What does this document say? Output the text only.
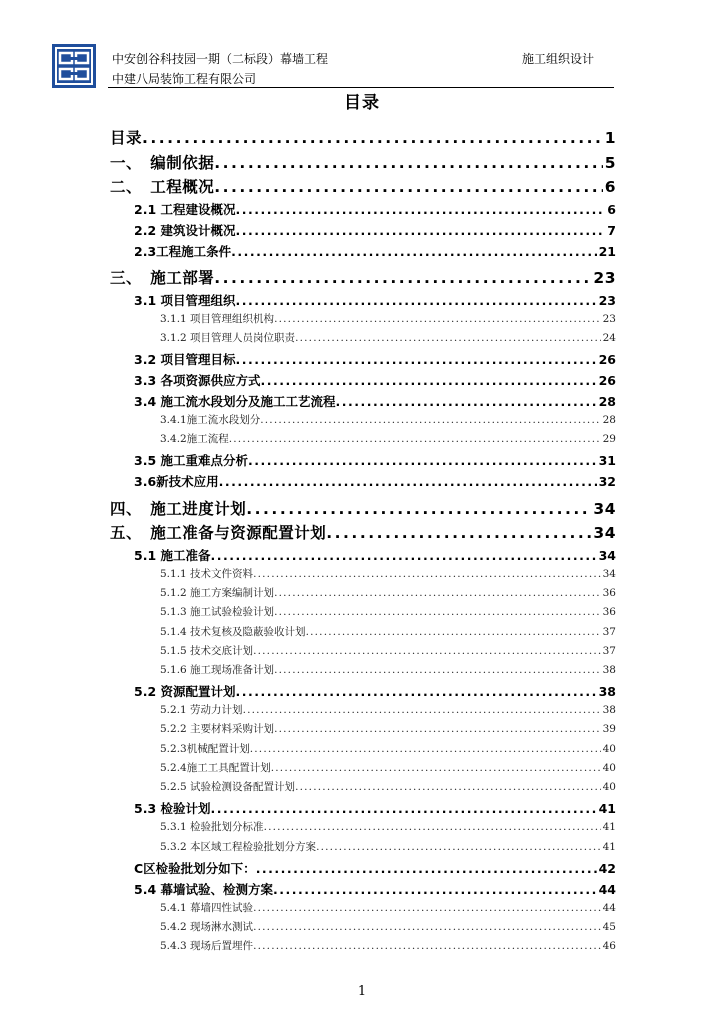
中安创谷科技园一期（二标段）幕墙工程
中建八局装饰工程有限公司
施工组织设计
目录
目录 .....	1
一、　编制依据 .....	5
二、　工程概况 .....	6
2.1 工程建设概况 .....	6
2.2 建筑设计概况 .....	7
2.3工程施工条件 .....	21
三、　施工部署 .....	23
3.1 项目管理组织 .....	23
3.1.1 项目管理组织机构 .....	23
3.1.2 项目管理人员岗位职责 .....	24
3.2 项目管理目标 .....	26
3.3 各项资源供应方式 .....	26
3.4 施工流水段划分及施工工艺流程 .....	28
3.4.1施工流水段划分 .....	28
3.4.2施工流程 .....	29
3.5 施工重难点分析 .....	31
3.6新技术应用 .....	32
四、　施工进度计划 .....	34
五、　施工准备与资源配置计划 .....	34
5.1 施工准备 .....	34
5.1.1 技术文件资料 .....	34
5.1.2 施工方案编制计划 .....	36
5.1.3 施工试验检验计划 .....	36
5.1.4 技术复核及隐蔽验收计划 .....	37
5.1.5 技术交底计划 .....	37
5.1.6 施工现场准备计划 .....	38
5.2 资源配置计划 .....	38
5.2.1 劳动力计划 .....	38
5.2.2 主要材料采购计划 .....	39
5.2.3机械配置计划 .....	40
5.2.4施工工具配置计划 .....	40
5.2.5 试验检测设备配置计划 .....	40
5.3 检验计划 .....	41
5.3.1 检验批划分标准 .....	41
5.3.2 本区域工程检验批划分方案 .....	41
C区检验批划分如下： .....	42
5.4 幕墙试验、检测方案 .....	44
5.4.1 幕墙四性试验 .....	44
5.4.2 现场淋水测试 .....	45
5.4.3 现场后置埋件 .....	46
1
